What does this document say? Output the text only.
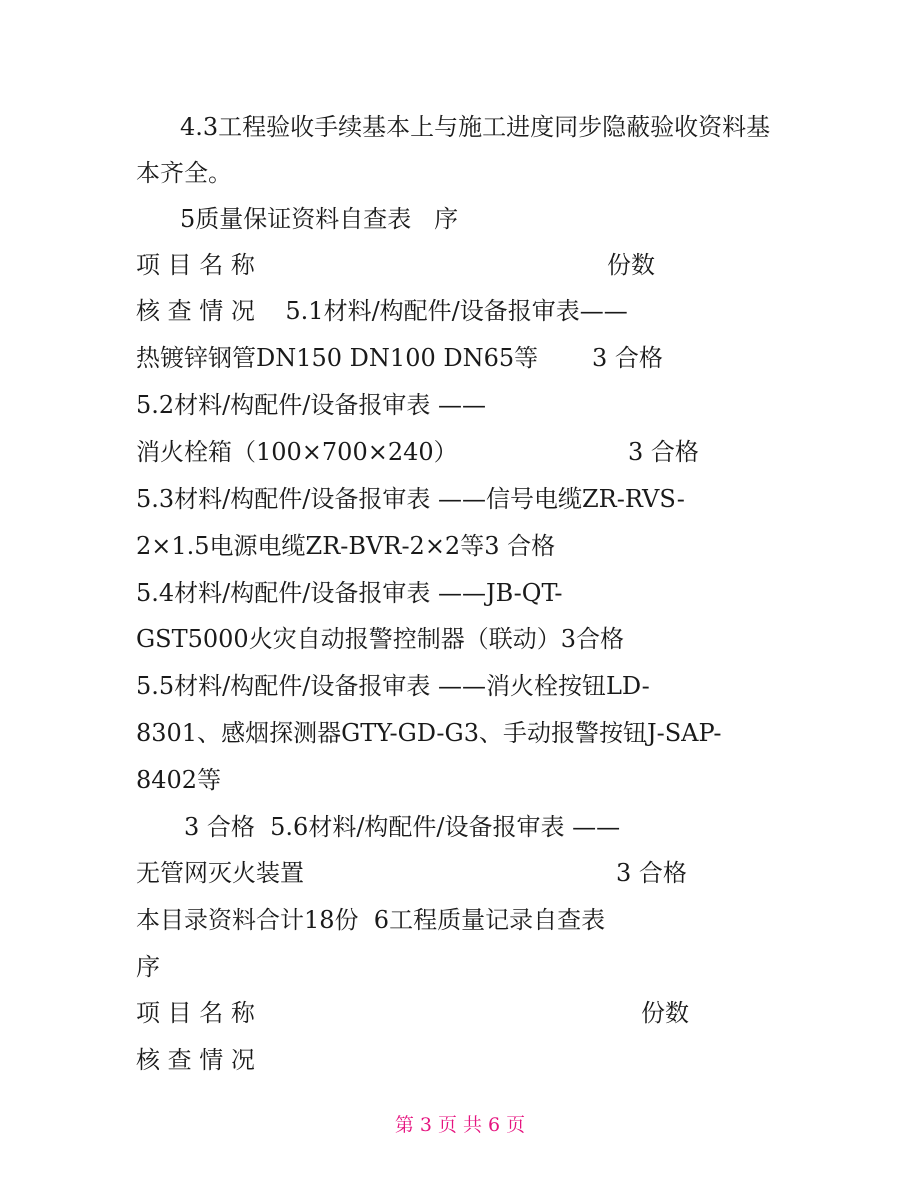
4.3工程验收手续基本上与施工进度同步隐蔽验收资料基
本齐全。
5质量保证资料自查表   序
项 目 名 称	份数
核 查 情 况    5.1材料/构配件/设备报审表——
热镀锌钢管DN150 DN100 DN65等 3 合格
5.2材料/构配件/设备报审表 ——
消火栓箱（100×700×240）	3 合格
5.3材料/构配件/设备报审表 ——信号电缆ZR-RVS-
2×1.5电源电缆ZR-BVR-2×2等3 合格
5.4材料/构配件/设备报审表 ——JB-QT-
GST5000火灾自动报警控制器（联动）3合格
5.5材料/构配件/设备报审表 ——消火栓按钮LD-
8301、感烟探测器GTY-GD-G3、手动报警按钮J-SAP-
8402等
3 合格  5.6材料/构配件/设备报审表 ——
无管网灭火装置	3 合格
本目录资料合计18份  6工程质量记录自查表
序
项 目 名 称	份数
核 查 情 况
第 3 页 共 6 页
